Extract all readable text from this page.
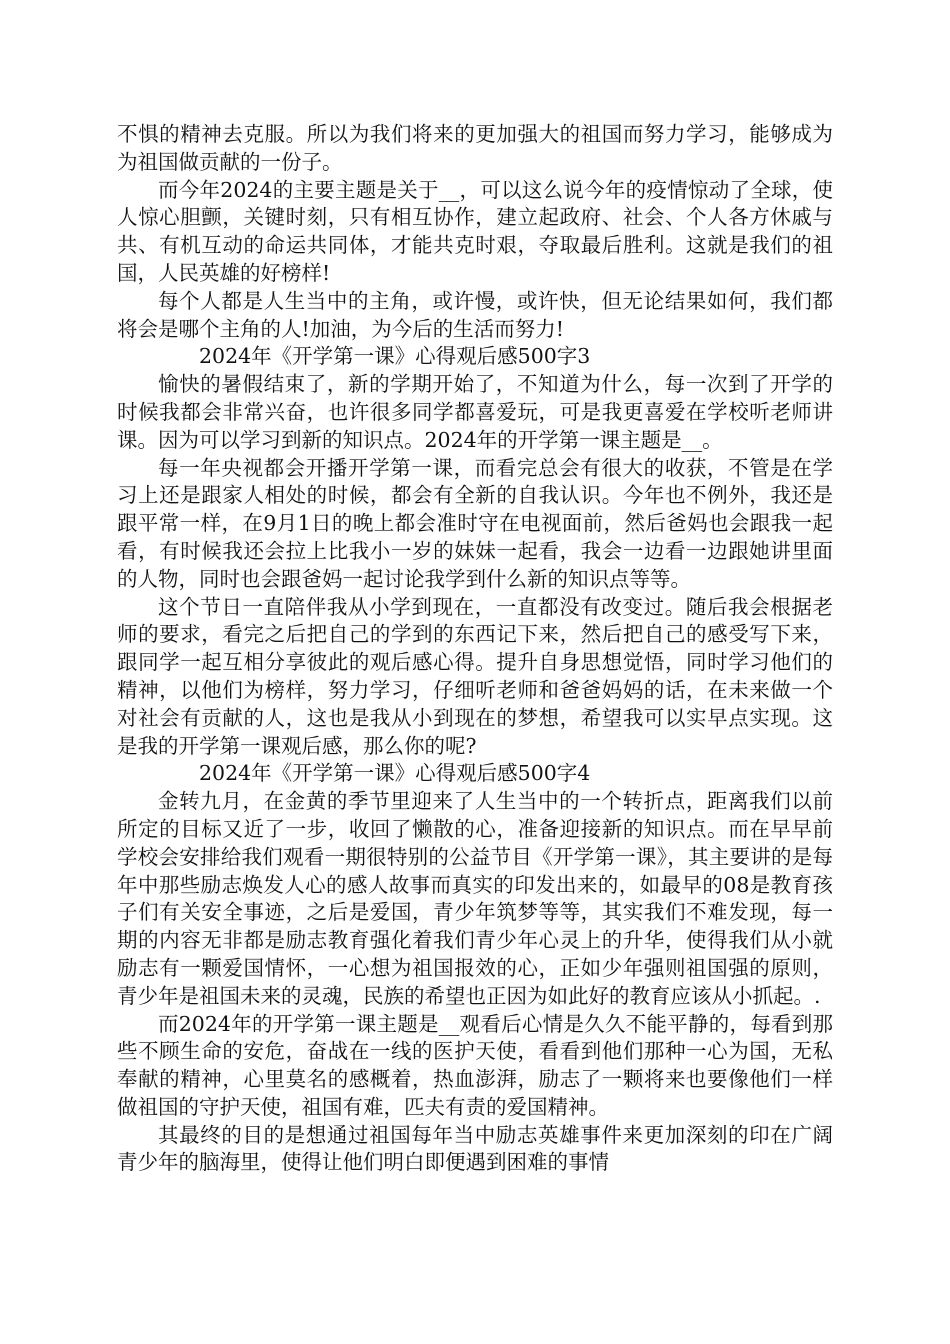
不惧的精神去克服。所以为我们将来的更加强大的祖国而努力学习，能够成为为祖国做贡献的一份子。

而今年2024的主要主题是关于__，可以这么说今年的疫情惊动了全球，使人惊心胆颤，关键时刻，只有相互协作，建立起政府、社会、个人各方休戚与共、有机互动的命运共同体，才能共克时艰，夺取最后胜利。这就是我们的祖国，人民英雄的好榜样!

每个人都是人生当中的主角，或许慢，或许快，但无论结果如何，我们都将会是哪个主角的人!加油，为今后的生活而努力!

2024年《开学第一课》心得观后感500字3

愉快的暑假结束了，新的学期开始了，不知道为什么，每一次到了开学的时候我都会非常兴奋，也许很多同学都喜爱玩，可是我更喜爱在学校听老师讲课。因为可以学习到新的知识点。2024年的开学第一课主题是__。

每一年央视都会开播开学第一课，而看完总会有很大的收获，不管是在学习上还是跟家人相处的时候，都会有全新的自我认识。今年也不例外，我还是跟平常一样，在9月1日的晚上都会准时守在电视面前，然后爸妈也会跟我一起看，有时候我还会拉上比我小一岁的妹妹一起看，我会一边看一边跟她讲里面的人物，同时也会跟爸妈一起讨论我学到什么新的知识点等等。

这个节日一直陪伴我从小学到现在，一直都没有改变过。随后我会根据老师的要求，看完之后把自己的学到的东西记下来，然后把自己的感受写下来，跟同学一起互相分享彼此的观后感心得。提升自身思想觉悟，同时学习他们的精神，以他们为榜样，努力学习，仔细听老师和爸爸妈妈的话，在未来做一个对社会有贡献的人，这也是我从小到现在的梦想，希望我可以实早点实现。这是我的开学第一课观后感，那么你的呢?

2024年《开学第一课》心得观后感500字4

金转九月，在金黄的季节里迎来了人生当中的一个转折点，距离我们以前所定的目标又近了一步，收回了懒散的心，准备迎接新的知识点。而在早早前学校会安排给我们观看一期很特别的公益节目《开学第一课》，其主要讲的是每年中那些励志焕发人心的感人故事而真实的印发出来的，如最早的08是教育孩子们有关安全事迹，之后是爱国，青少年筑梦等等，其实我们不难发现，每一期的内容无非都是励志教育强化着我们青少年心灵上的升华，使得我们从小就励志有一颗爱国情怀，一心想为祖国报效的心，正如少年强则祖国强的原则，青少年是祖国未来的灵魂，民族的希望也正因为如此好的教育应该从小抓起。.

而2024年的开学第一课主题是__观看后心情是久久不能平静的，每看到那些不顾生命的安危，奋战在一线的医护天使，看看到他们那种一心为国，无私奉献的精神，心里莫名的感概着，热血澎湃，励志了一颗将来也要像他们一样做祖国的守护天使，祖国有难，匹夫有责的爱国精神。

其最终的目的是想通过祖国每年当中励志英雄事件来更加深刻的印在广阔青少年的脑海里，使得让他们明白即便遇到困难的事情
